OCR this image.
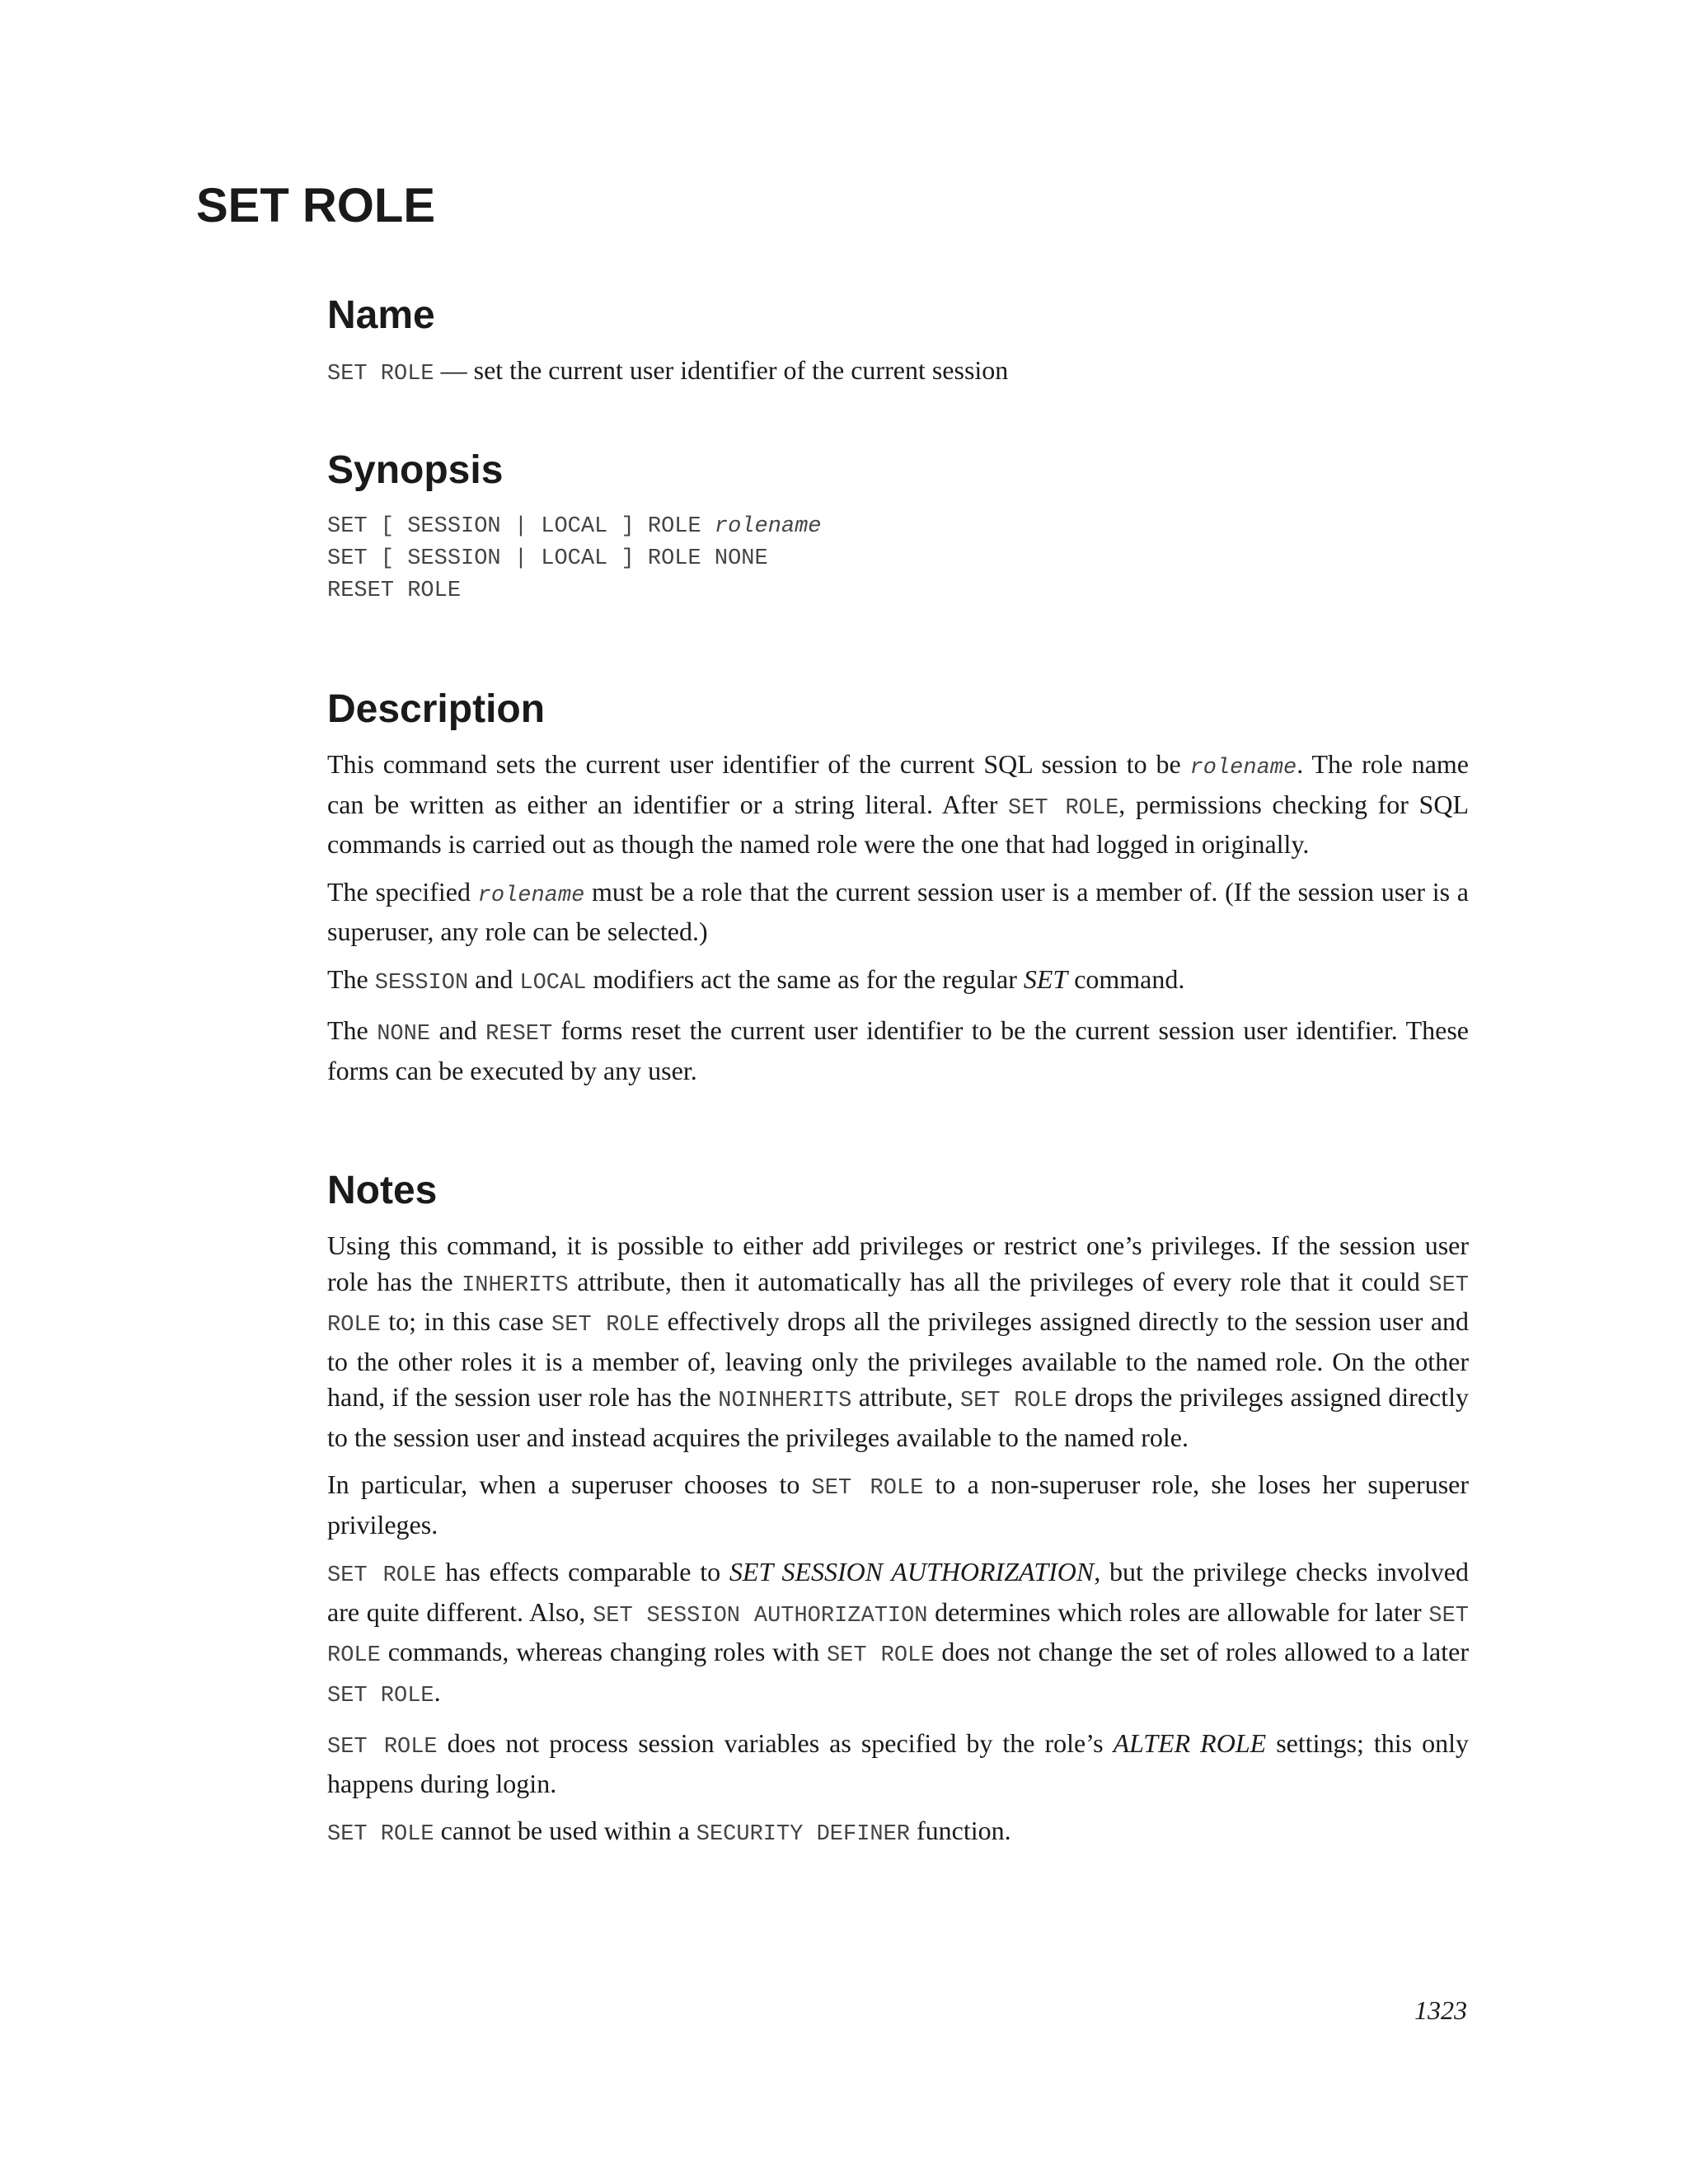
SET ROLE
Name

SET ROLE — set the current user identifier of the current session

Synopsis
SET [ SESSION | LOCAL ] ROLE rolename
SET [ SESSION | LOCAL ] ROLE NONE
RESET ROLE
Description

This command sets the current user identifier of the current SQL session to be rolename. The role name can be written as either an identifier or a string literal. After SET ROLE, permissions checking for SQL commands is carried out as though the named role were the one that had logged in originally.

The specified rolename must be a role that the current session user is a member of. (If the session user is a superuser, any role can be selected.)

The SESSION and LOCAL modifiers act the same as for the regular SET command.

The NONE and RESET forms reset the current user identifier to be the current session user identifier. These forms can be executed by any user.

Notes

Using this command, it is possible to either add privileges or restrict one’s privileges. If the session user role has the INHERITS attribute, then it automatically has all the privileges of every role that it could SET ROLE to; in this case SET ROLE effectively drops all the privileges assigned directly to the session user and to the other roles it is a member of, leaving only the privileges available to the named role. On the other hand, if the session user role has the NOINHERITS attribute, SET ROLE drops the privileges assigned directly to the session user and instead acquires the privileges available to the named role.

In particular, when a superuser chooses to SET ROLE to a non-superuser role, she loses her superuser privileges.

SET ROLE has effects comparable to SET SESSION AUTHORIZATION, but the privilege checks involved are quite different. Also, SET SESSION AUTHORIZATION determines which roles are allowable for later SET ROLE commands, whereas changing roles with SET ROLE does not change the set of roles allowed to a later SET ROLE.

SET ROLE does not process session variables as specified by the role’s ALTER ROLE settings; this only happens during login.

SET ROLE cannot be used within a SECURITY DEFINER function.

1323
